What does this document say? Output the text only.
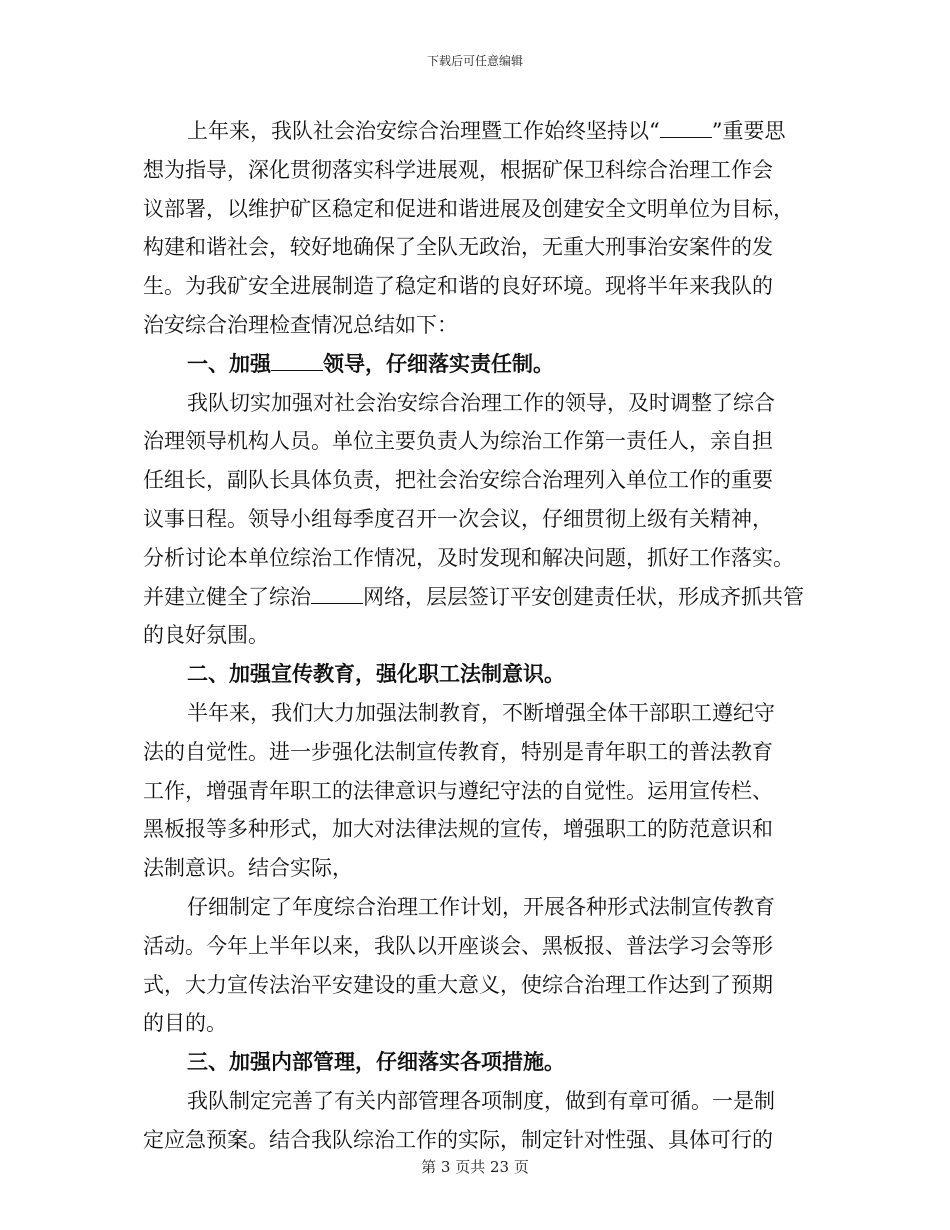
下载后可任意编辑

上年来，我队社会治安综合治理暨工作始终坚持以“ ”重要思
想为指导，深化贯彻落实科学进展观，根据矿保卫科综合治理工作会
议部署，以维护矿区稳定和促进和谐进展及创建安全文明单位为目标，
构建和谐社会，较好地确保了全队无政治，无重大刑事治安案件的发
生。为我矿安全进展制造了稳定和谐的良好环境。现将半年来我队的
治安综合治理检查情况总结如下：

一、加强 领导，仔细落实责任制。

我队切实加强对社会治安综合治理工作的领导，及时调整了综合
治理领导机构人员。单位主要负责人为综治工作第一责任人，亲自担
任组长，副队长具体负责，把社会治安综合治理列入单位工作的重要
议事日程。领导小组每季度召开一次会议，仔细贯彻上级有关精神，
分析讨论本单位综治工作情况，及时发现和解决问题，抓好工作落实。
并建立健全了综治 网络，层层签订平安创建责任状，形成齐抓共管
的良好氛围。

二、加强宣传教育，强化职工法制意识。

半年来，我们大力加强法制教育，不断增强全体干部职工遵纪守
法的自觉性。进一步强化法制宣传教育，特别是青年职工的普法教育
工作，增强青年职工的法律意识与遵纪守法的自觉性。运用宣传栏、
黑板报等多种形式，加大对法律法规的宣传，增强职工的防范意识和
法制意识。结合实际，

仔细制定了年度综合治理工作计划，开展各种形式法制宣传教育
活动。今年上半年以来，我队以开座谈会、黑板报、普法学习会等形
式，大力宣传法治平安建设的重大意义，使综合治理工作达到了预期
的目的。

三、加强内部管理，仔细落实各项措施。

我队制定完善了有关内部管理各项制度，做到有章可循。一是制
定应急预案。结合我队综治工作的实际，制定针对性强、具体可行的

第 3 页共 23 页
